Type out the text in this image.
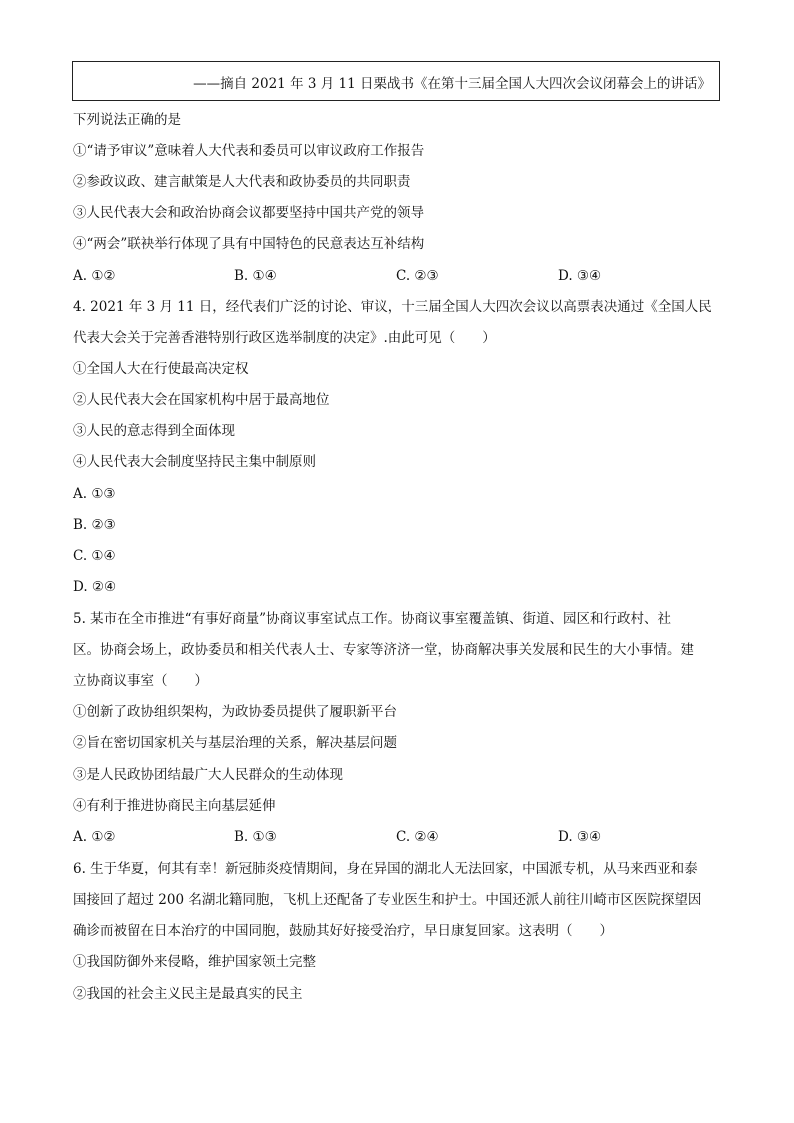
——摘自 2021 年 3 月 11 日栗战书《在第十三届全国人大四次会议闭幕会上的讲话》
下列说法正确的是
①“请予审议”意味着人大代表和委员可以审议政府工作报告
②参政议政、建言献策是人大代表和政协委员的共同职责
③人民代表大会和政治协商会议都要坚持中国共产党的领导
④“两会”联袂举行体现了具有中国特色的民意表达互补结构
A. ①②	B. ①④	C. ②③	D. ③④
4. 2021 年 3 月 11 日，经代表们广泛的讨论、审议，十三届全国人大四次会议以高票表决通过《全国人民
代表大会关于完善香港特别行政区选举制度的决定》.由此可见（　　）
①全国人大在行使最高决定权
②人民代表大会在国家机构中居于最高地位
③人民的意志得到全面体现
④人民代表大会制度坚持民主集中制原则
A. ①③
B. ②③
C. ①④
D. ②④
5. 某市在全市推进“有事好商量”协商议事室试点工作。协商议事室覆盖镇、街道、园区和行政村、社
区。协商会场上，政协委员和相关代表人士、专家等济济一堂，协商解决事关发展和民生的大小事情。建
立协商议事室（　　）
①创新了政协组织架构，为政协委员提供了履职新平台
②旨在密切国家机关与基层治理的关系，解决基层问题
③是人民政协团结最广大人民群众的生动体现
④有利于推进协商民主向基层延伸
A. ①②	B. ①③	C. ②④	D. ③④
6. 生于华夏，何其有幸！新冠肺炎疫情期间，身在异国的湖北人无法回家，中国派专机，从马来西亚和泰
国接回了超过 200 名湖北籍同胞，飞机上还配备了专业医生和护士。中国还派人前往川崎市区医院探望因
确诊而被留在日本治疗的中国同胞，鼓励其好好接受治疗，早日康复回家。这表明（　　）
①我国防御外来侵略，维护国家领土完整
②我国的社会主义民主是最真实的民主
